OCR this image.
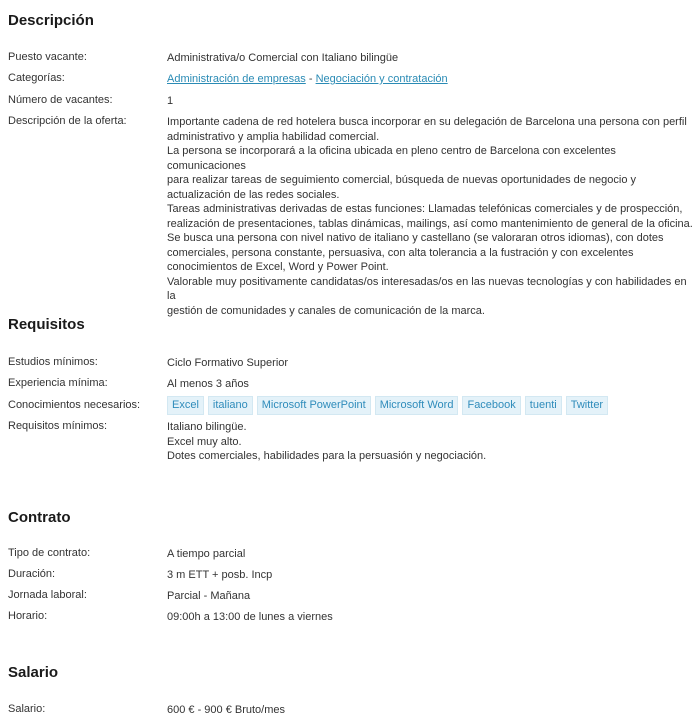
Descripción
Puesto vacante:	Administrativa/o Comercial con Italiano bilingüe
Categorías:	Administración de empresas - Negociación y contratación
Número de vacantes:	1
Descripción de la oferta:	Importante cadena de red hotelera busca incorporar en su delegación de Barcelona una persona con perfil
administrativo y amplia habilidad comercial.
La persona se incorporará a la oficina ubicada en pleno centro de Barcelona con excelentes comunicaciones
para realizar tareas de seguimiento comercial, búsqueda de nuevas oportunidades de negocio y
actualización de las redes sociales.
Tareas administrativas derivadas de estas funciones: Llamadas telefónicas comerciales y de prospección,
realización de presentaciones, tablas dinámicas, mailings, así como mantenimiento de general de la oficina.
Se busca una persona con nivel nativo de italiano y castellano (se valoraran otros idiomas), con dotes
comerciales, persona constante, persuasiva, con alta tolerancia a la fustración y con excelentes
conocimientos de Excel, Word y Power Point.
Valorable muy positivamente candidatas/os interesadas/os en las nuevas tecnologías y con habilidades en la
gestión de comunidades y canales de comunicación de la marca.
Requisitos
Estudios mínimos:	Ciclo Formativo Superior
Experiencia mínima:	Al menos 3 años
Conocimientos necesarios:	Excel	italiano	Microsoft PowerPoint	Microsoft Word	Facebook	tuenti	Twitter
Requisitos mínimos:	Italiano bilingüe.
Excel muy alto.
Dotes comerciales, habilidades para la persuasión y negociación.
Contrato
Tipo de contrato:	A tiempo parcial
Duración:	3 m ETT + posb. Incp
Jornada laboral:	Parcial - Mañana
Horario:	09:00h a 13:00 de lunes a viernes
Salario
Salario:	600 € - 900 € Bruto/mes
